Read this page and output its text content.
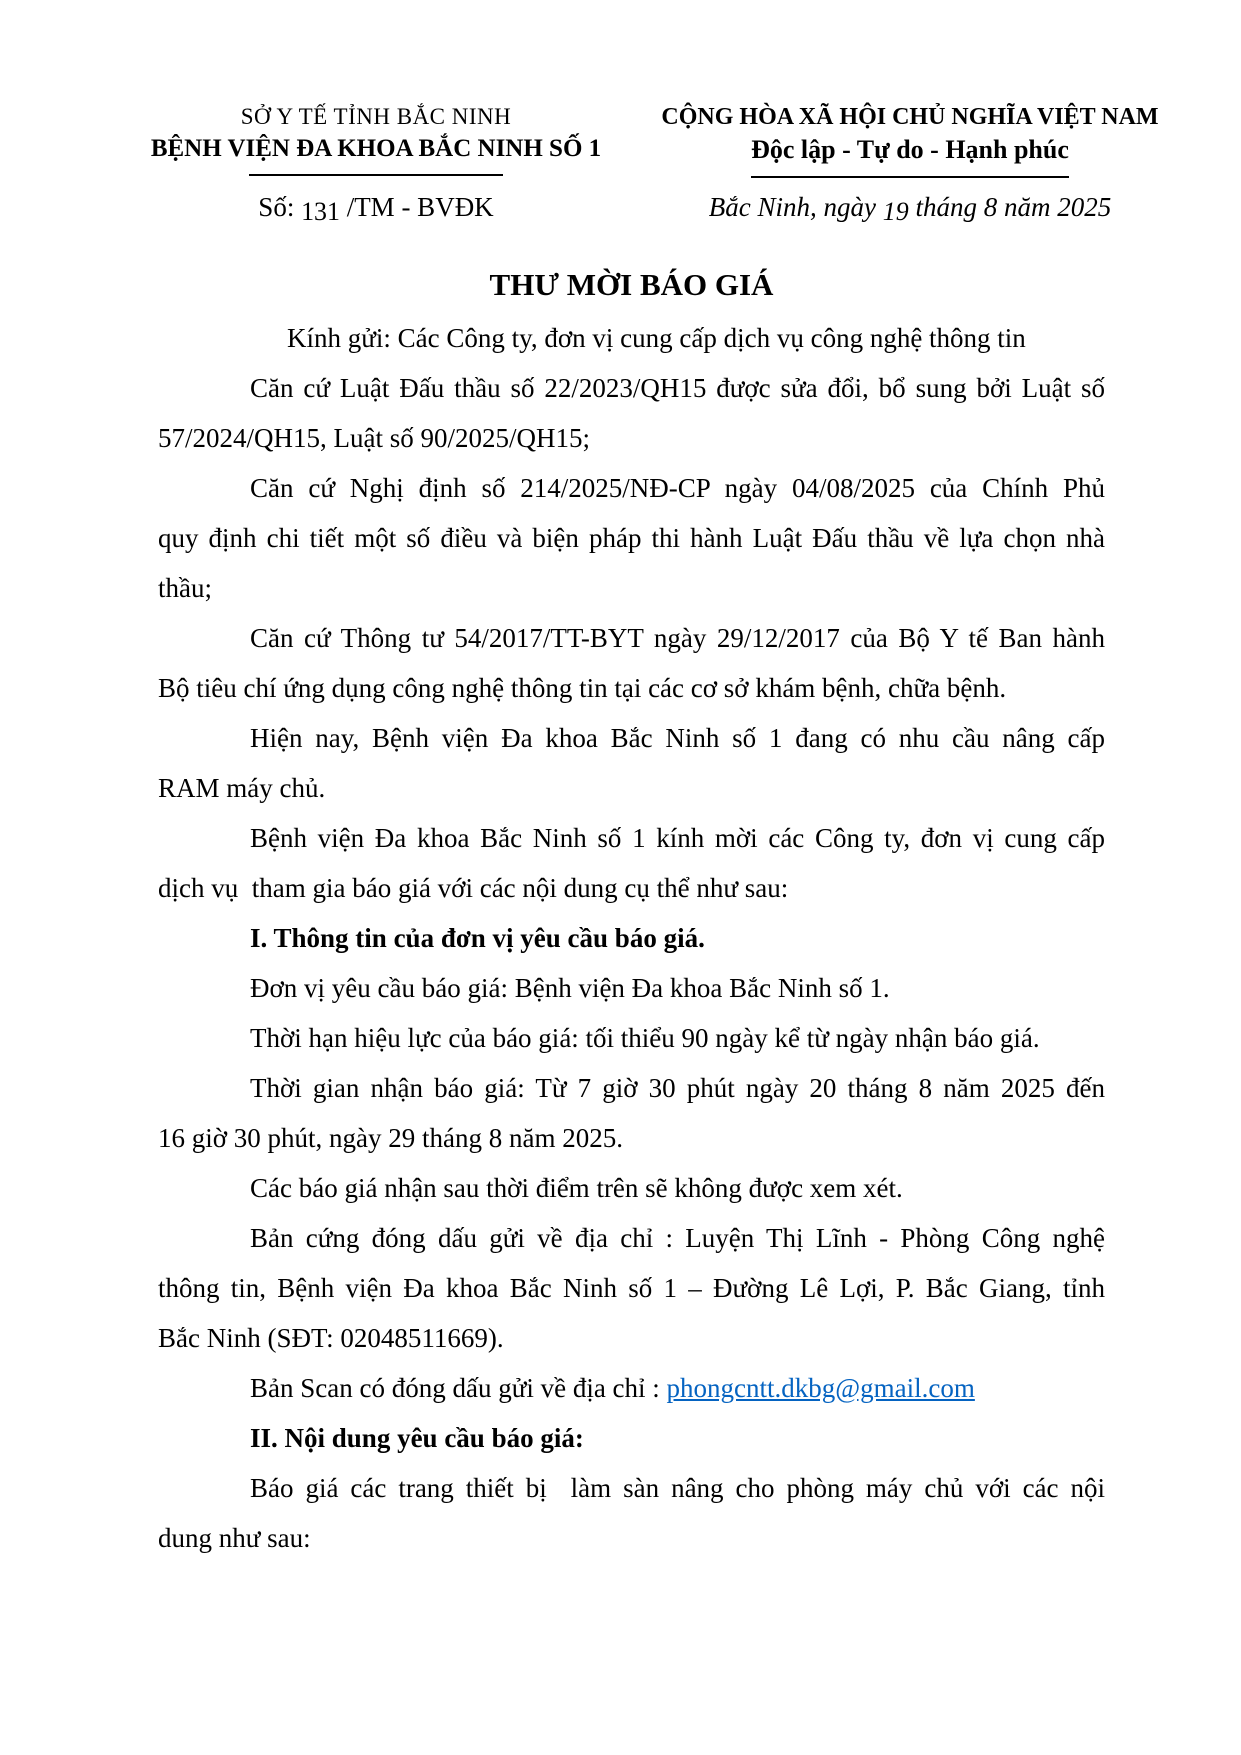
SỞ Y TẾ TỈNH BẮC NINH
BỆNH VIỆN ĐA KHOA BẮC NINH SỐ 1
Số: 131 /TM - BVĐK
CỘNG HÒA XÃ HỘI CHỦ NGHĨA VIỆT NAM
Độc lập - Tự do - Hạnh phúc
Bắc Ninh, ngày 19 tháng 8 năm 2025
THƯ MỜI BÁO GIÁ
Kính gửi: Các Công ty, đơn vị cung cấp dịch vụ công nghệ thông tin
Căn cứ Luật Đấu thầu số 22/2023/QH15 được sửa đổi, bổ sung bởi Luật số
57/2024/QH15, Luật số 90/2025/QH15;
Căn cứ Nghị định số 214/2025/NĐ-CP ngày 04/08/2025 của Chính Phủ
quy định chi tiết một số điều và biện pháp thi hành Luật Đấu thầu về lựa chọn nhà
thầu;
Căn cứ Thông tư 54/2017/TT-BYT ngày 29/12/2017 của Bộ Y tế Ban hành
Bộ tiêu chí ứng dụng công nghệ thông tin tại các cơ sở khám bệnh, chữa bệnh.
Hiện nay, Bệnh viện Đa khoa Bắc Ninh số 1 đang có nhu cầu nâng cấp
RAM máy chủ.
Bệnh viện Đa khoa Bắc Ninh số 1 kính mời các Công ty, đơn vị cung cấp
dịch vụ  tham gia báo giá với các nội dung cụ thể như sau:
I. Thông tin của đơn vị yêu cầu báo giá.
Đơn vị yêu cầu báo giá: Bệnh viện Đa khoa Bắc Ninh số 1.
Thời hạn hiệu lực của báo giá: tối thiểu 90 ngày kể từ ngày nhận báo giá.
Thời gian nhận báo giá: Từ 7 giờ 30 phút ngày 20 tháng 8 năm 2025 đến
16 giờ 30 phút, ngày 29 tháng 8 năm 2025.
Các báo giá nhận sau thời điểm trên sẽ không được xem xét.
Bản cứng đóng dấu gửi về địa chỉ : Luyện Thị Lĩnh - Phòng Công nghệ
thông tin, Bệnh viện Đa khoa Bắc Ninh số 1 – Đường Lê Lợi, P. Bắc Giang, tỉnh
Bắc Ninh (SĐT: 02048511669).
Bản Scan có đóng dấu gửi về địa chỉ : phongcntt.dkbg@gmail.com
II. Nội dung yêu cầu báo giá:
Báo giá các trang thiết bị  làm sàn nâng cho phòng máy chủ với các nội
dung như sau:
